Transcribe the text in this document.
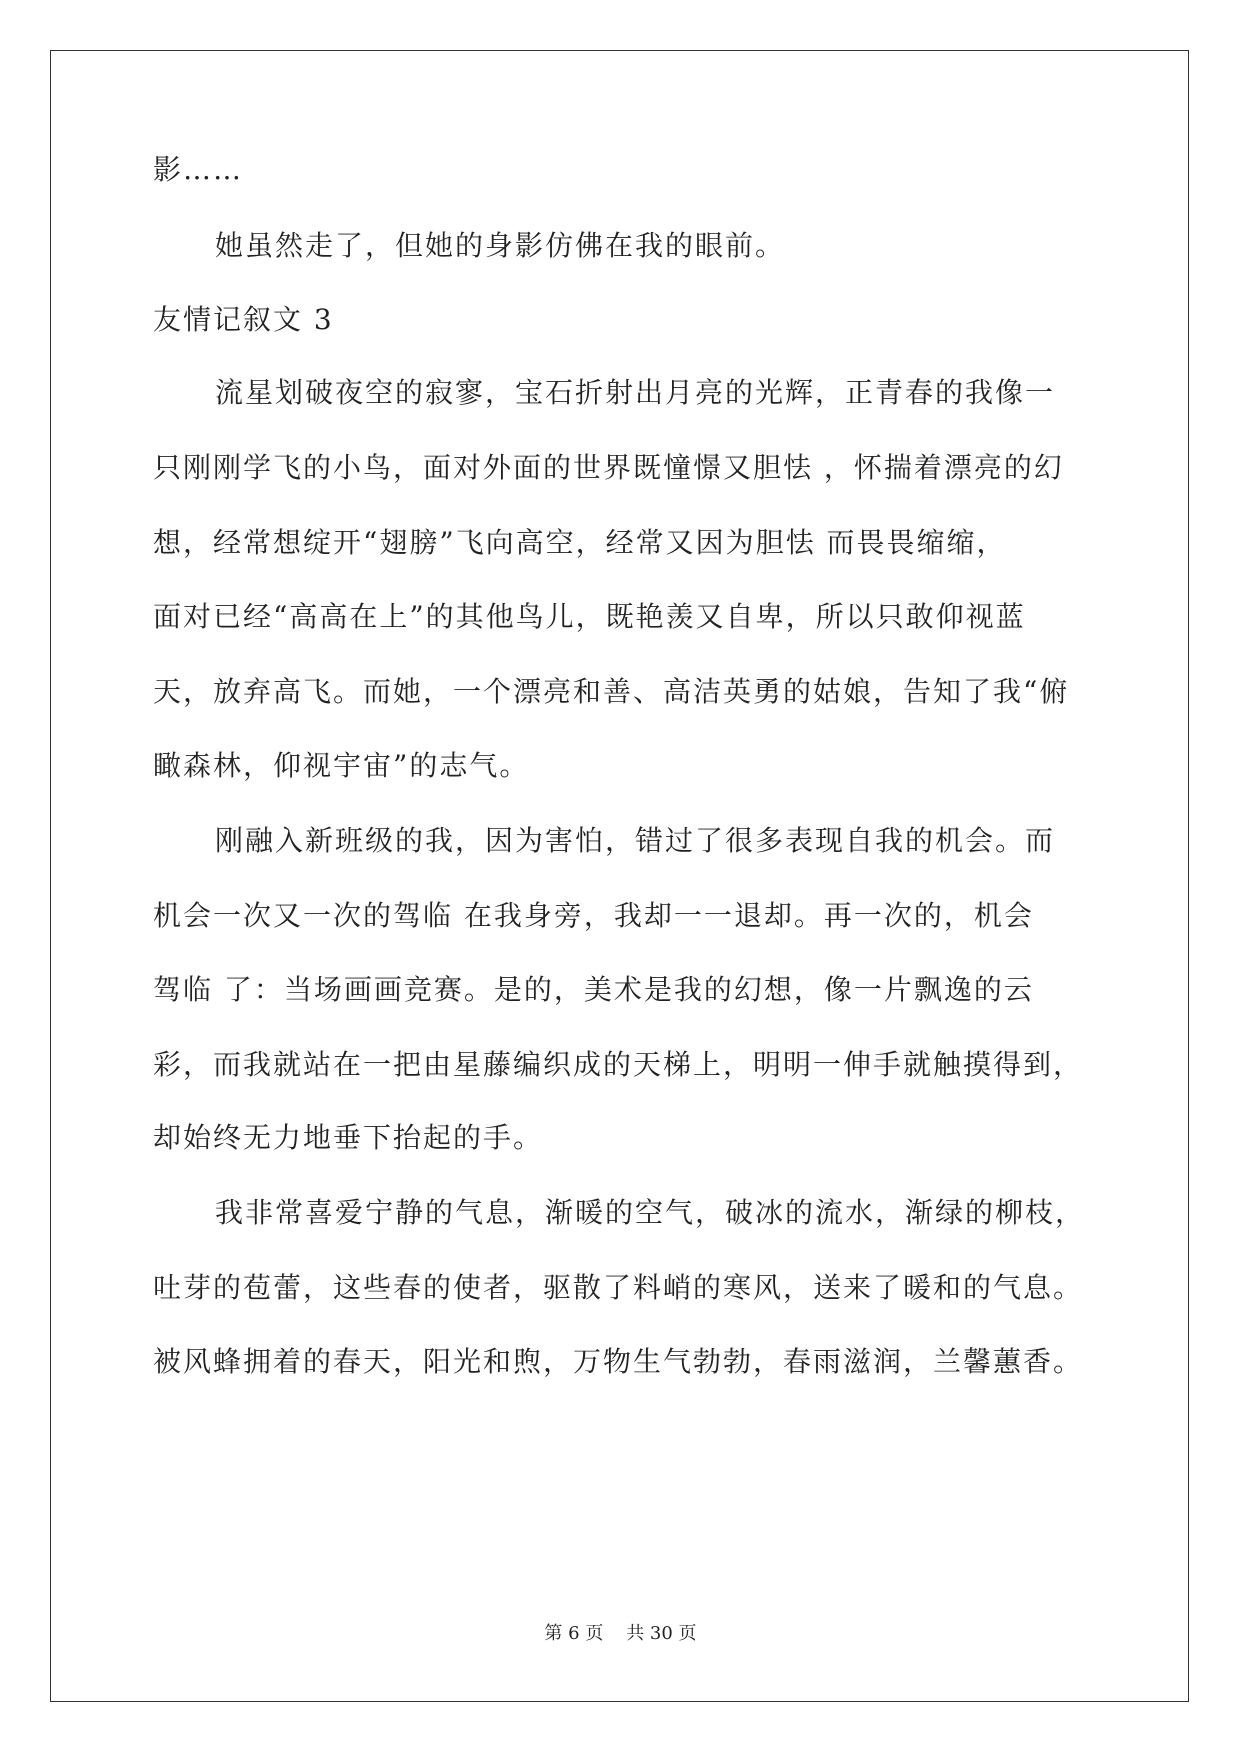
影……
她虽然走了，但她的身影仿佛在我的眼前。
友情记叙文 3
流星划破夜空的寂寥，宝石折射出月亮的光辉，正青春的我像一
只刚刚学飞的小鸟，面对外面的世界既憧憬又胆怯 ，怀揣着漂亮的幻
想，经常想绽开“翅膀”飞向高空，经常又因为胆怯 而畏畏缩缩，
面对已经“高高在上”的其他鸟儿，既艳羡又自卑，所以只敢仰视蓝
天，放弃高飞。而她，一个漂亮和善、高洁英勇的姑娘，告知了我“俯
瞰森林，仰视宇宙”的志气。
刚融入新班级的我，因为害怕，错过了很多表现自我的机会。而
机会一次又一次的驾临 在我身旁，我却一一退却。再一次的，机会
驾临 了：当场画画竞赛。是的，美术是我的幻想，像一片飘逸的云
彩，而我就站在一把由星藤编织成的天梯上，明明一伸手就触摸得到，
却始终无力地垂下抬起的手。
我非常喜爱宁静的气息，渐暖的空气，破冰的流水，渐绿的柳枝，
吐芽的苞蕾，这些春的使者，驱散了料峭的寒风，送来了暖和的气息。
被风蜂拥着的春天，阳光和煦，万物生气勃勃，春雨滋润，兰馨蕙香。
第 6 页    共 30 页
